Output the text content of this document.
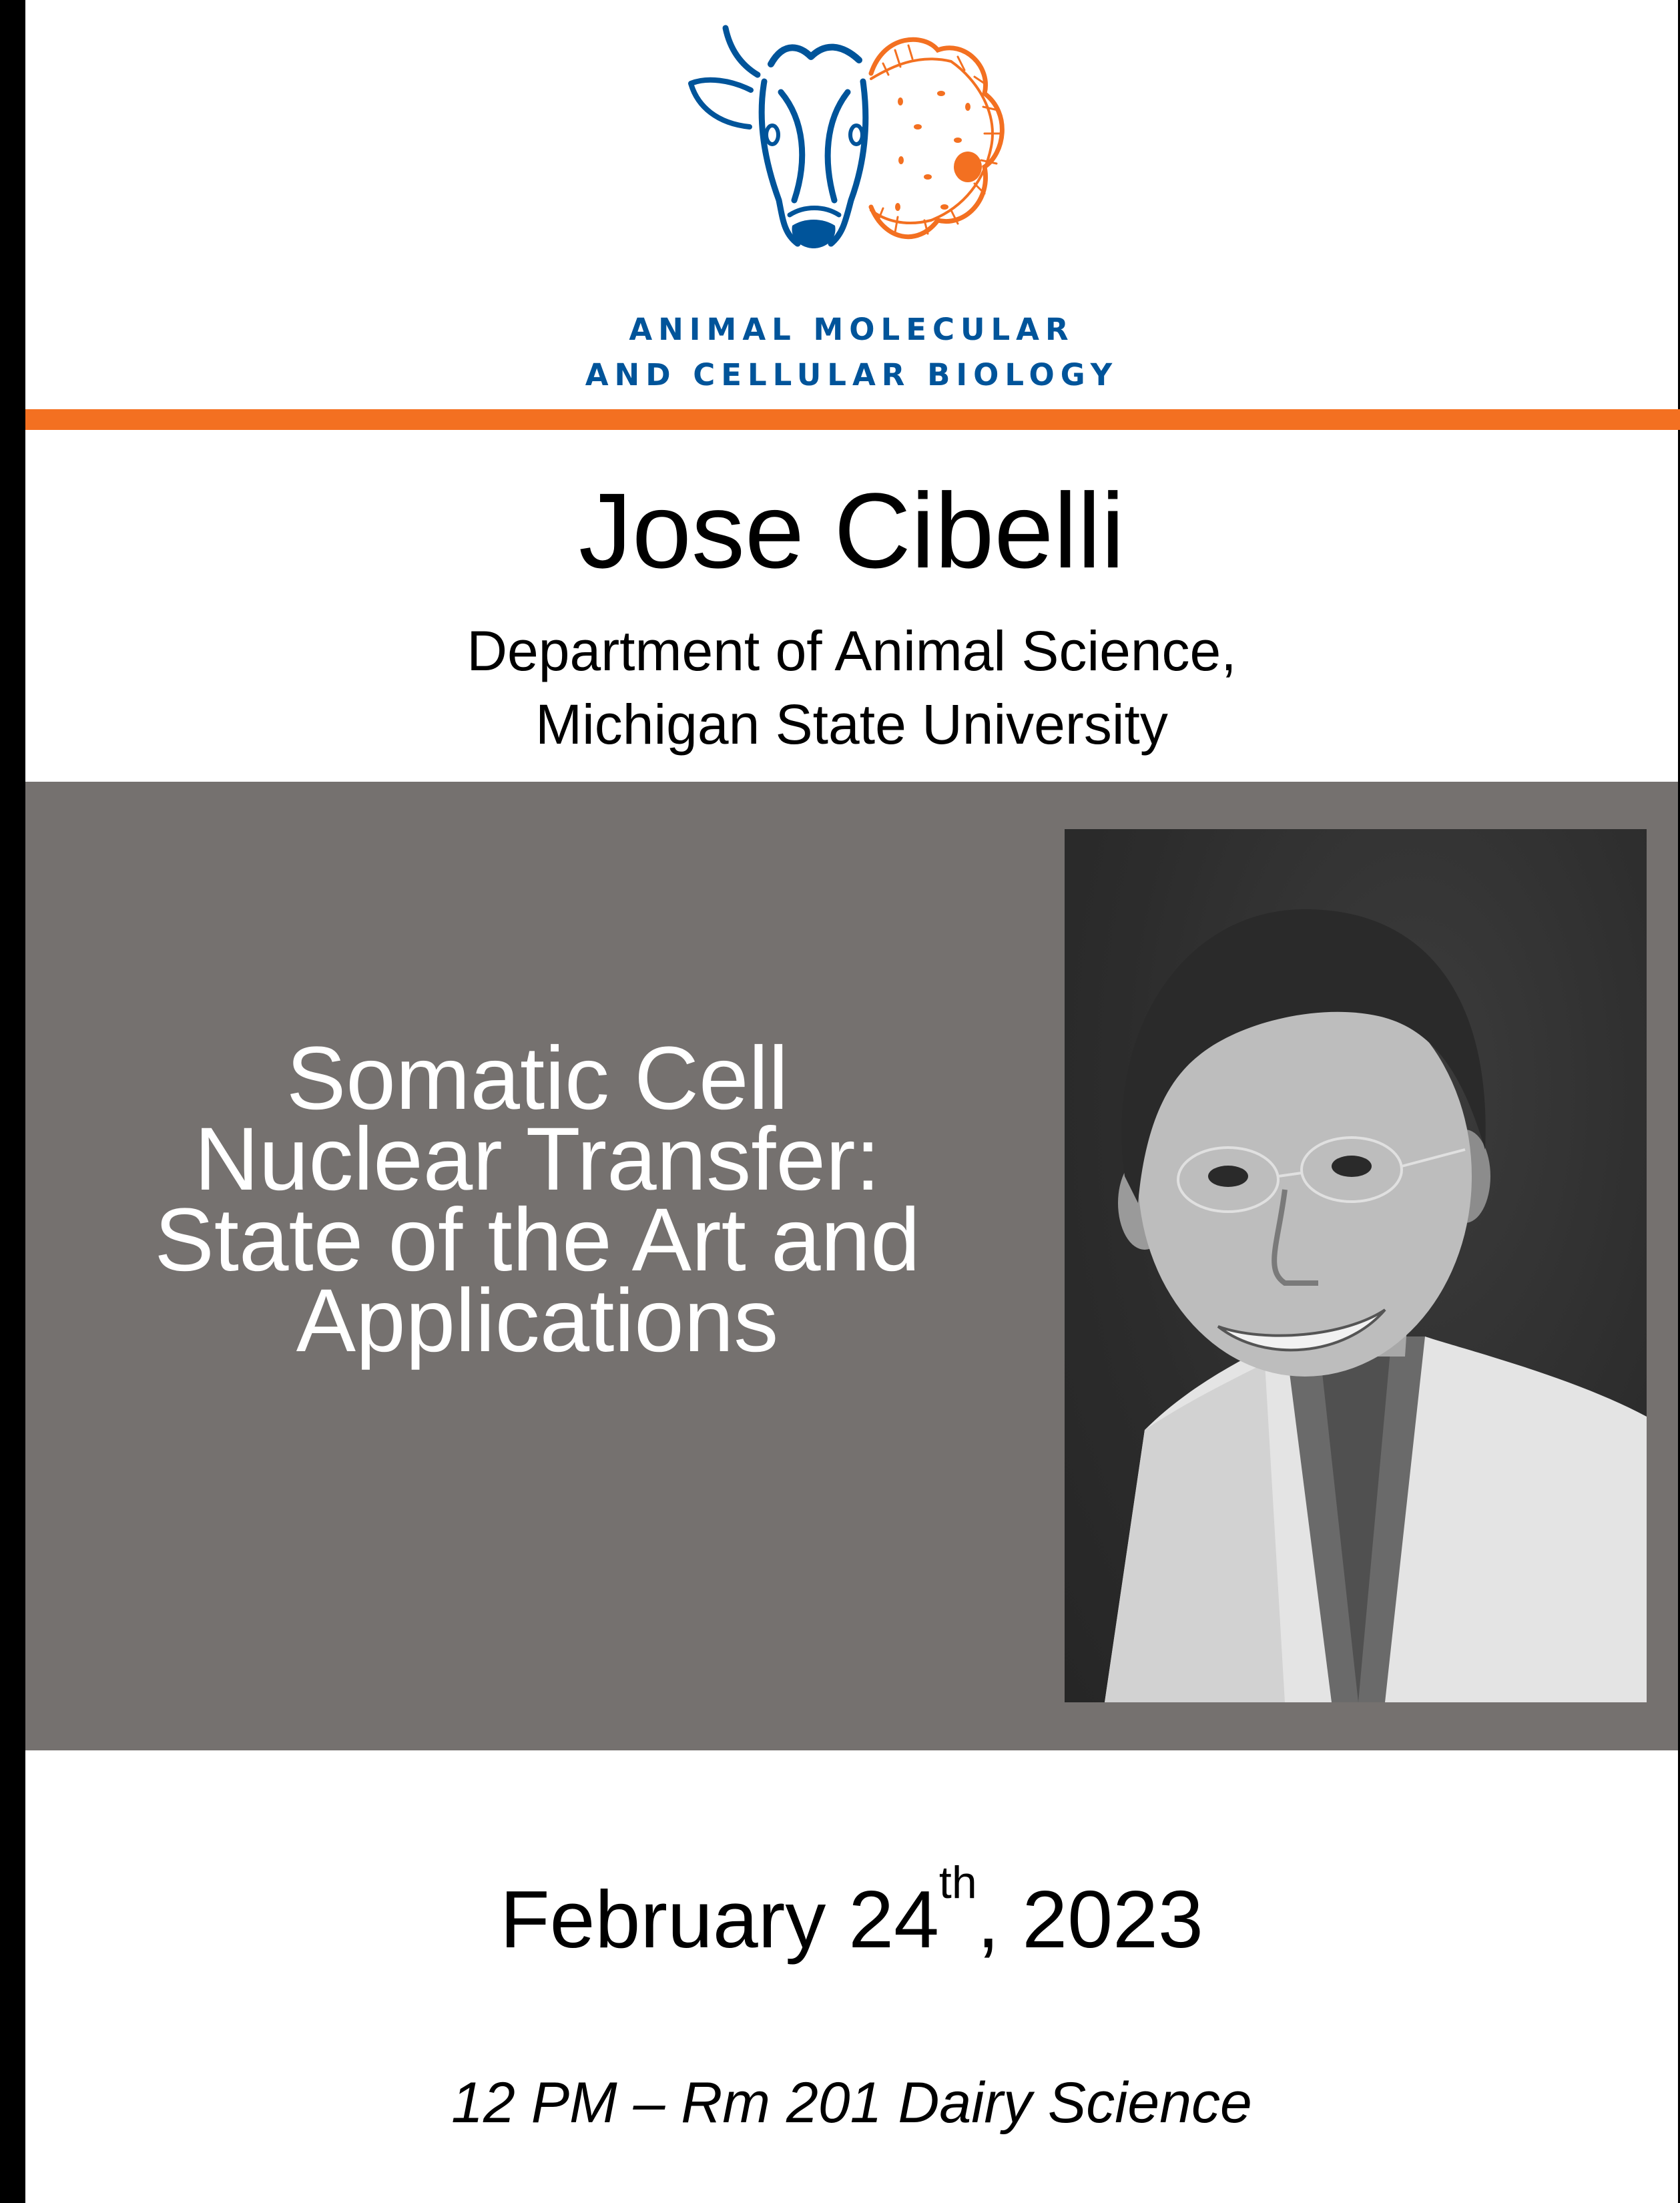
ANIMAL MOLECULAR
AND CELLULAR BIOLOGY
Jose Cibelli
Department of Animal Science,
Michigan State University
Somatic Cell
Nuclear Transfer:
State of the Art and
Applications
February 24th, 2023
12 PM – Rm 201 Dairy Science
